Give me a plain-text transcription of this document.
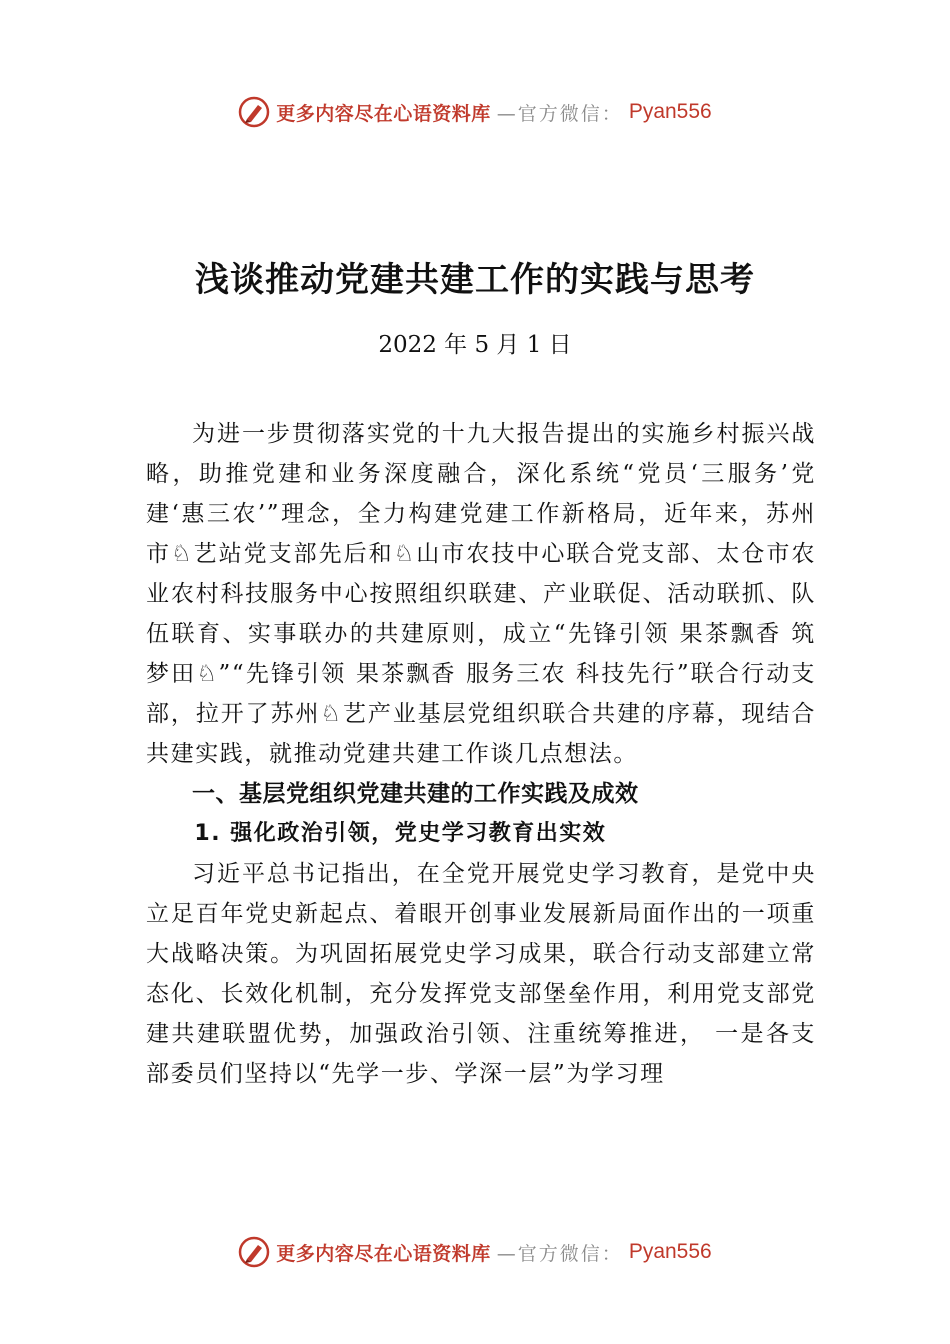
更多内容尽在心语资料库 —官方微信： Pyan556
浅谈推动党建共建工作的实践与思考
2022 年 5 月 1 日

为进一步贯彻落实党的十九大报告提出的实施乡村振兴战略，助推党建和业务深度融合，深化系统“党员‘三服务’党建‘惠三农’”理念，全力构建党建工作新格局，近年来，苏州市♘艺站党支部先后和♘山市农技中心联合党支部、太仓市农业农村科技服务中心按照组织联建、产业联促、活动联抓、队伍联育、实事联办的共建原则，成立“先锋引领 果茶飘香 筑梦田♘”“先锋引领 果茶飘香 服务三农 科技先行”联合行动支部，拉开了苏州♘艺产业基层党组织联合共建的序幕，现结合共建实践，就推动党建共建工作谈几点想法。

一、基层党组织党建共建的工作实践及成效

1. 强化政治引领，党史学习教育出实效

习近平总书记指出，在全党开展党史学习教育，是党中央立足百年党史新起点、着眼开创事业发展新局面作出的一项重大战略决策。为巩固拓展党史学习成果，联合行动支部建立常态化、长效化机制，充分发挥党支部堡垒作用，利用党支部党建共建联盟优势，加强政治引领、注重统筹推进， 一是各支部委员们坚持以“先学一步、学深一层”为学习理

更多内容尽在心语资料库 —官方微信： Pyan556
